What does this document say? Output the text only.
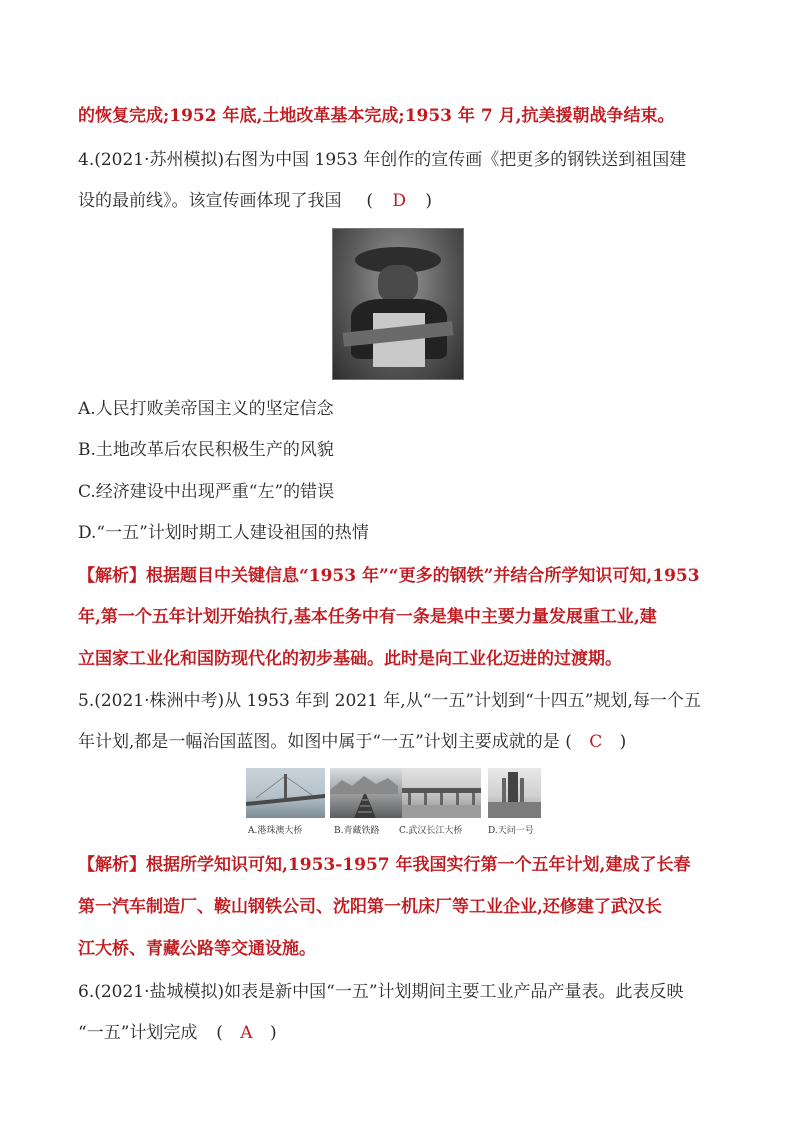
的恢复完成;1952 年底,土地改革基本完成;1953 年 7 月,抗美援朝战争结束。
4.(2021·苏州模拟)右图为中国 1953 年创作的宣传画《把更多的钢铁送到祖国建
设的最前线》。该宣传画体现了我国 ( D )
A.人民打败美帝国主义的坚定信念
B.土地改革后农民积极生产的风貌
C.经济建设中出现严重“左”的错误
D.“一五”计划时期工人建设祖国的热情
【解析】根据题目中关键信息“1953 年”“更多的钢铁”并结合所学知识可知,1953
年,第一个五年计划开始执行,基本任务中有一条是集中主要力量发展重工业,建
立国家工业化和国防现代化的初步基础。此时是向工业化迈进的过渡期。
5.(2021·株洲中考)从 1953 年到 2021 年,从“一五”计划到“十四五”规划,每一个五
年计划,都是一幅治国蓝图。如图中属于“一五”计划主要成就的是 ( C )
A.港珠澳大桥	B.青藏铁路 C.武汉长江大桥	D.天问一号
【解析】根据所学知识可知,1953-1957 年我国实行第一个五年计划,建成了长春
第一汽车制造厂、鞍山钢铁公司、沈阳第一机床厂等工业企业,还修建了武汉长
江大桥、青藏公路等交通设施。
6.(2021·盐城模拟)如表是新中国“一五”计划期间主要工业产品产量表。此表反映
“一五”计划完成 ( A )
